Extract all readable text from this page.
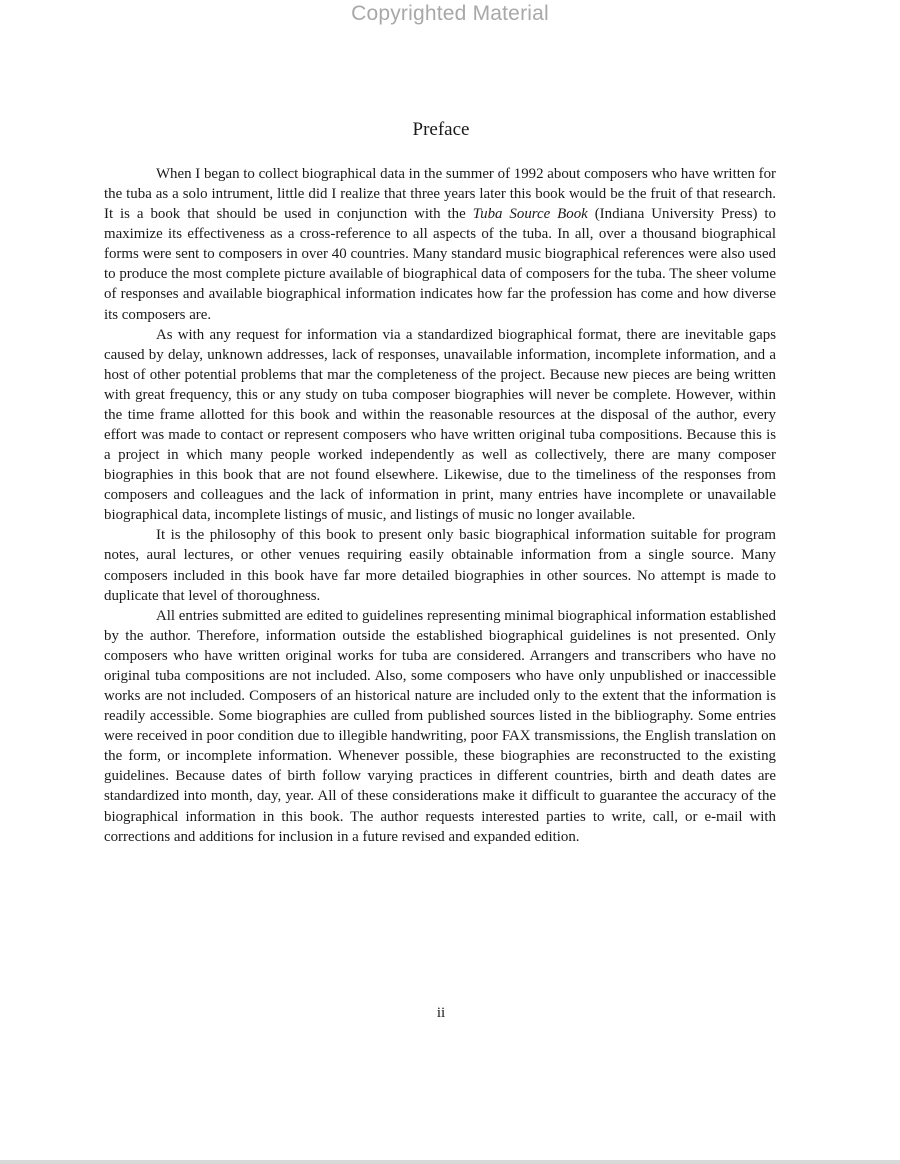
Copyrighted Material
Preface

When I began to collect biographical data in the summer of 1992 about composers who have written for the tuba as a solo intrument, little did I realize that three years later this book would be the fruit of that research. It is a book that should be used in conjunction with the Tuba Source Book (Indiana University Press) to maximize its effectiveness as a cross-reference to all aspects of the tuba. In all, over a thousand biographical forms were sent to composers in over 40 countries. Many standard music biographical references were also used to produce the most complete picture available of biographical data of composers for the tuba. The sheer volume of responses and available biographical information indicates how far the profession has come and how diverse its composers are.

As with any request for information via a standardized biographical format, there are inevitable gaps caused by delay, unknown addresses, lack of responses, unavailable information, incomplete information, and a host of other potential problems that mar the completeness of the project. Because new pieces are being written with great frequency, this or any study on tuba composer biographies will never be complete. However, within the time frame allotted for this book and within the reasonable resources at the disposal of the author, every effort was made to contact or represent composers who have written original tuba compositions. Because this is a project in which many people worked independently as well as collectively, there are many composer biographies in this book that are not found elsewhere. Likewise, due to the timeliness of the responses from composers and colleagues and the lack of information in print, many entries have incomplete or unavailable biographical data, incomplete listings of music, and listings of music no longer available.

It is the philosophy of this book to present only basic biographical information suitable for program notes, aural lectures, or other venues requiring easily obtainable information from a single source. Many composers included in this book have far more detailed biographies in other sources. No attempt is made to duplicate that level of thoroughness.

All entries submitted are edited to guidelines representing minimal biographical information established by the author. Therefore, information outside the established biographical guidelines is not presented. Only composers who have written original works for tuba are considered. Arrangers and transcribers who have no original tuba compositions are not included. Also, some composers who have only unpublished or inaccessible works are not included. Composers of an historical nature are included only to the extent that the information is readily accessible. Some biographies are culled from published sources listed in the bibliography. Some entries were received in poor condition due to illegible handwriting, poor FAX transmissions, the English translation on the form, or incomplete information. Whenever possible, these biographies are reconstructed to the existing guidelines. Because dates of birth follow varying practices in different countries, birth and death dates are standardized into month, day, year. All of these considerations make it difficult to guarantee the accuracy of the biographical information in this book. The author requests interested parties to write, call, or e-mail with corrections and additions for inclusion in a future revised and expanded edition.

ii
